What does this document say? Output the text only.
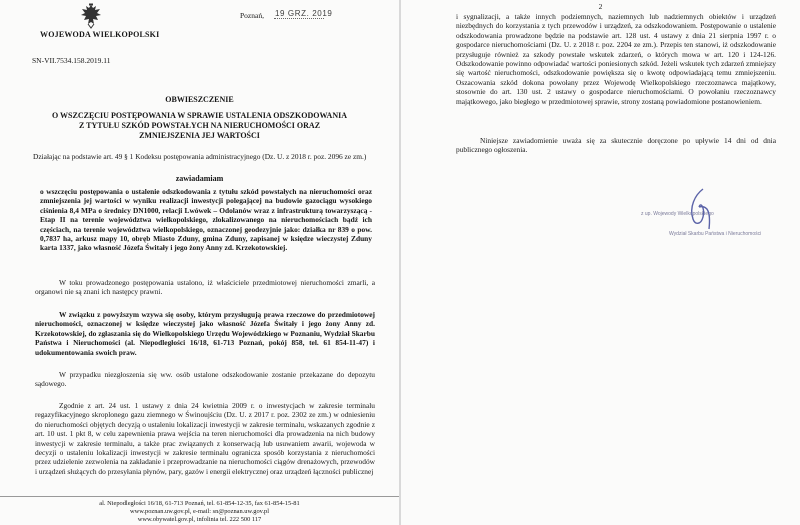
WOJEWODA WIELKOPOLSKI
Poznań, 19 GRZ. 2019
SN-VII.7534.158.2019.11
OBWIESZCZENIE
O WSZCZĘCIU POSTĘPOWANIA W SPRAWIE USTALENIA ODSZKODOWANIA
Z TYTUŁU SZKÓD POWSTAŁYCH NA NIERUCHOMOŚCI ORAZ
ZMNIEJSZENIA JEJ WARTOŚCI

Działając na podstawie art. 49 § 1 Kodeksu postępowania administracyjnego (Dz. U. z 2018 r. poz. 2096 ze zm.)

zawiadamiam

o wszczęciu postępowania o ustalenie odszkodowania z tytułu szkód powstałych na nieruchomości oraz zmniejszenia jej wartości w wyniku realizacji inwestycji polegającej na budowie gazociągu wysokiego ciśnienia 8,4 MPa o średnicy DN1000, relacji Lwówek – Odolanów wraz z infrastrukturą towarzyszącą - Etap II na terenie województwa wielkopolskiego, zlokalizowanego na nieruchomościach bądź ich częściach, na terenie województwa wielkopolskiego, oznaczonej geodezyjnie jako: działka nr 839 o pow. 0,7837 ha, arkusz mapy 10, obręb Miasto Zduny, gmina Zduny, zapisanej w księdze wieczystej Zduny karta 1337, jako własność Józefa Świtały i jego żony Anny zd. Krzekotowskiej.

W toku prowadzonego postępowania ustalono, iż właściciele przedmiotowej nieruchomości zmarli, a organowi nie są znani ich następcy prawni.

W związku z powyższym wzywa się osoby, którym przysługują prawa rzeczowe do przedmiotowej nieruchomości, oznaczonej w księdze wieczystej jako własność Józefa Świtały i jego żony Anny zd. Krzekotowskiej, do zgłaszania się do Wielkopolskiego Urzędu Wojewódzkiego w Poznaniu, Wydział Skarbu Państwa i Nieruchomości (al. Niepodległości 16/18, 61-713 Poznań, pokój 858, tel. 61 854-11-47) i udokumentowania swoich praw.

W przypadku niezgłoszenia się ww. osób ustalone odszkodowanie zostanie przekazane do depozytu sądowego.

Zgodnie z art. 24 ust. 1 ustawy z dnia 24 kwietnia 2009 r. o inwestycjach w zakresie terminalu regazyfikacyjnego skroplonego gazu ziemnego w Świnoujściu (Dz. U. z 2017 r. poz. 2302 ze zm.) w odniesieniu do nieruchomości objętych decyzją o ustaleniu lokalizacji inwestycji w zakresie terminalu, wskazanych zgodnie z art. 10 ust. 1 pkt 8, w celu zapewnienia prawa wejścia na teren nieruchomości dla prowadzenia na nich budowy inwestycji w zakresie terminalu, a także prac związanych z konserwacją lub usuwaniem awarii, wojewoda w decyzji o ustaleniu lokalizacji inwestycji w zakresie terminalu ogranicza sposób korzystania z nieruchomości przez udzielenie zezwolenia na zakładanie i przeprowadzanie na nieruchomości ciągów drenażowych, przewodów i urządzeń służących do przesyłania płynów, pary, gazów i energii elektrycznej oraz urządzeń łączności publicznej

al. Niepodległości 16/18, 61-713 Poznań, tel. 61-854-12-35, fax 61-854-15-81
www.poznan.uw.gov.pl, e-mail: sn@poznan.uw.gov.pl
www.obywatel.gov.pl, infolinia tel. 222 500 117
2

i sygnalizacji, a także innych podziemnych, naziemnych lub nadziemnych obiektów i urządzeń niezbędnych do korzystania z tych przewodów i urządzeń, za odszkodowaniem. Postępowanie o ustalenie odszkodowania prowadzone będzie na podstawie art. 128 ust. 4 ustawy z dnia 21 sierpnia 1997 r. o gospodarce nieruchomościami (Dz. U. z 2018 r. poz. 2204 ze zm.). Przepis ten stanowi, iż odszkodowanie przysługuje również za szkody powstałe wskutek zdarzeń, o których mowa w art. 120 i 124-126. Odszkodowanie powinno odpowiadać wartości poniesionych szkód. Jeżeli wskutek tych zdarzeń zmniejszy się wartość nieruchomości, odszkodowanie powiększa się o kwotę odpowiadającą temu zmniejszeniu. Oszacowania szkód dokona powołany przez Wojewodę Wielkopolskiego rzeczoznawca majątkowy, stosownie do art. 130 ust. 2 ustawy o gospodarce nieruchomościami. O powołaniu rzeczoznawcy majątkowego, jako biegłego w przedmiotowej sprawie, strony zostaną powiadomione postanowieniem.

Niniejsze zawiadomienie uważa się za skutecznie doręczone po upływie 14 dni od dnia publicznego ogłoszenia.

z up. Wojewody Wielkopolskiego
Wydział Skarbu Państwa i Nieruchomości
